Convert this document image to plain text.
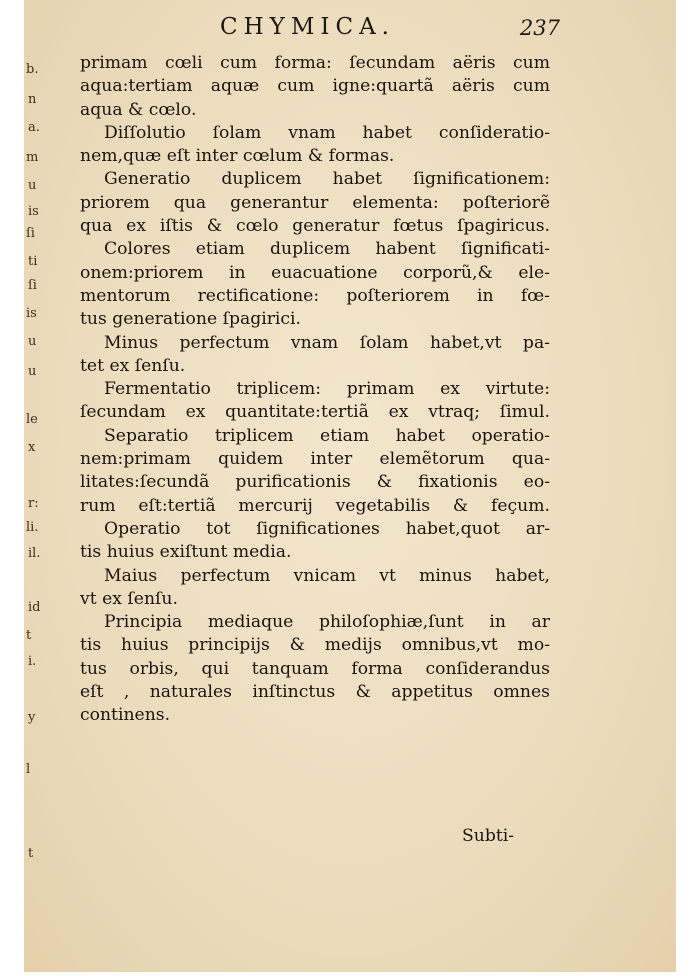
b.
n
a.
m
u
is
ſi
ti
ſi
is
u
u
le
x
r:
li.
il.
id
t
i.
y
l
t
CHYMICA.	237
primam cœli cum forma: ſecundam aëris cum
aqua:tertiam aquæ cum igne:quartã aëris cum
aqua & cœlo.
Diſſolutio ſolam vnam habet conſideratio-
nem,quæ eſt inter cœlum & formas.
Generatio duplicem habet ſignificationem:
priorem qua generantur elementa: poſteriorẽ
qua ex iſtis & cœlo generatur fœtus ſpagiricus.
Colores etiam duplicem habent ſignificati-
onem:priorem in euacuatione corporũ,& ele-
mentorum rectificatione: poſteriorem in fœ-
tus generatione ſpagirici.
Minus perfectum vnam ſolam habet,vt pa-
tet ex ſenſu.
Fermentatio triplicem: primam ex virtute:
ſecundam ex quantitate:tertiã ex vtraq; ſimul.
Separatio triplicem etiam habet operatio-
nem:primam quidem inter elemẽtorum qua-
litates:ſecundã purificationis & fixationis eo-
rum eſt:tertiã mercurij vegetabilis & feçum.
Operatio tot ſignificationes habet,quot ar-
tis huius exiſtunt media.
Maius perfectum vnicam vt minus habet,
vt ex ſenſu.
Principia mediaque philoſophiæ,ſunt in ar
tis huius principijs & medijs omnibus,vt mo-
tus orbis, qui tanquam forma conſiderandus
eſt , naturales inſtinctus & appetitus omnes
continens.
Subti-
